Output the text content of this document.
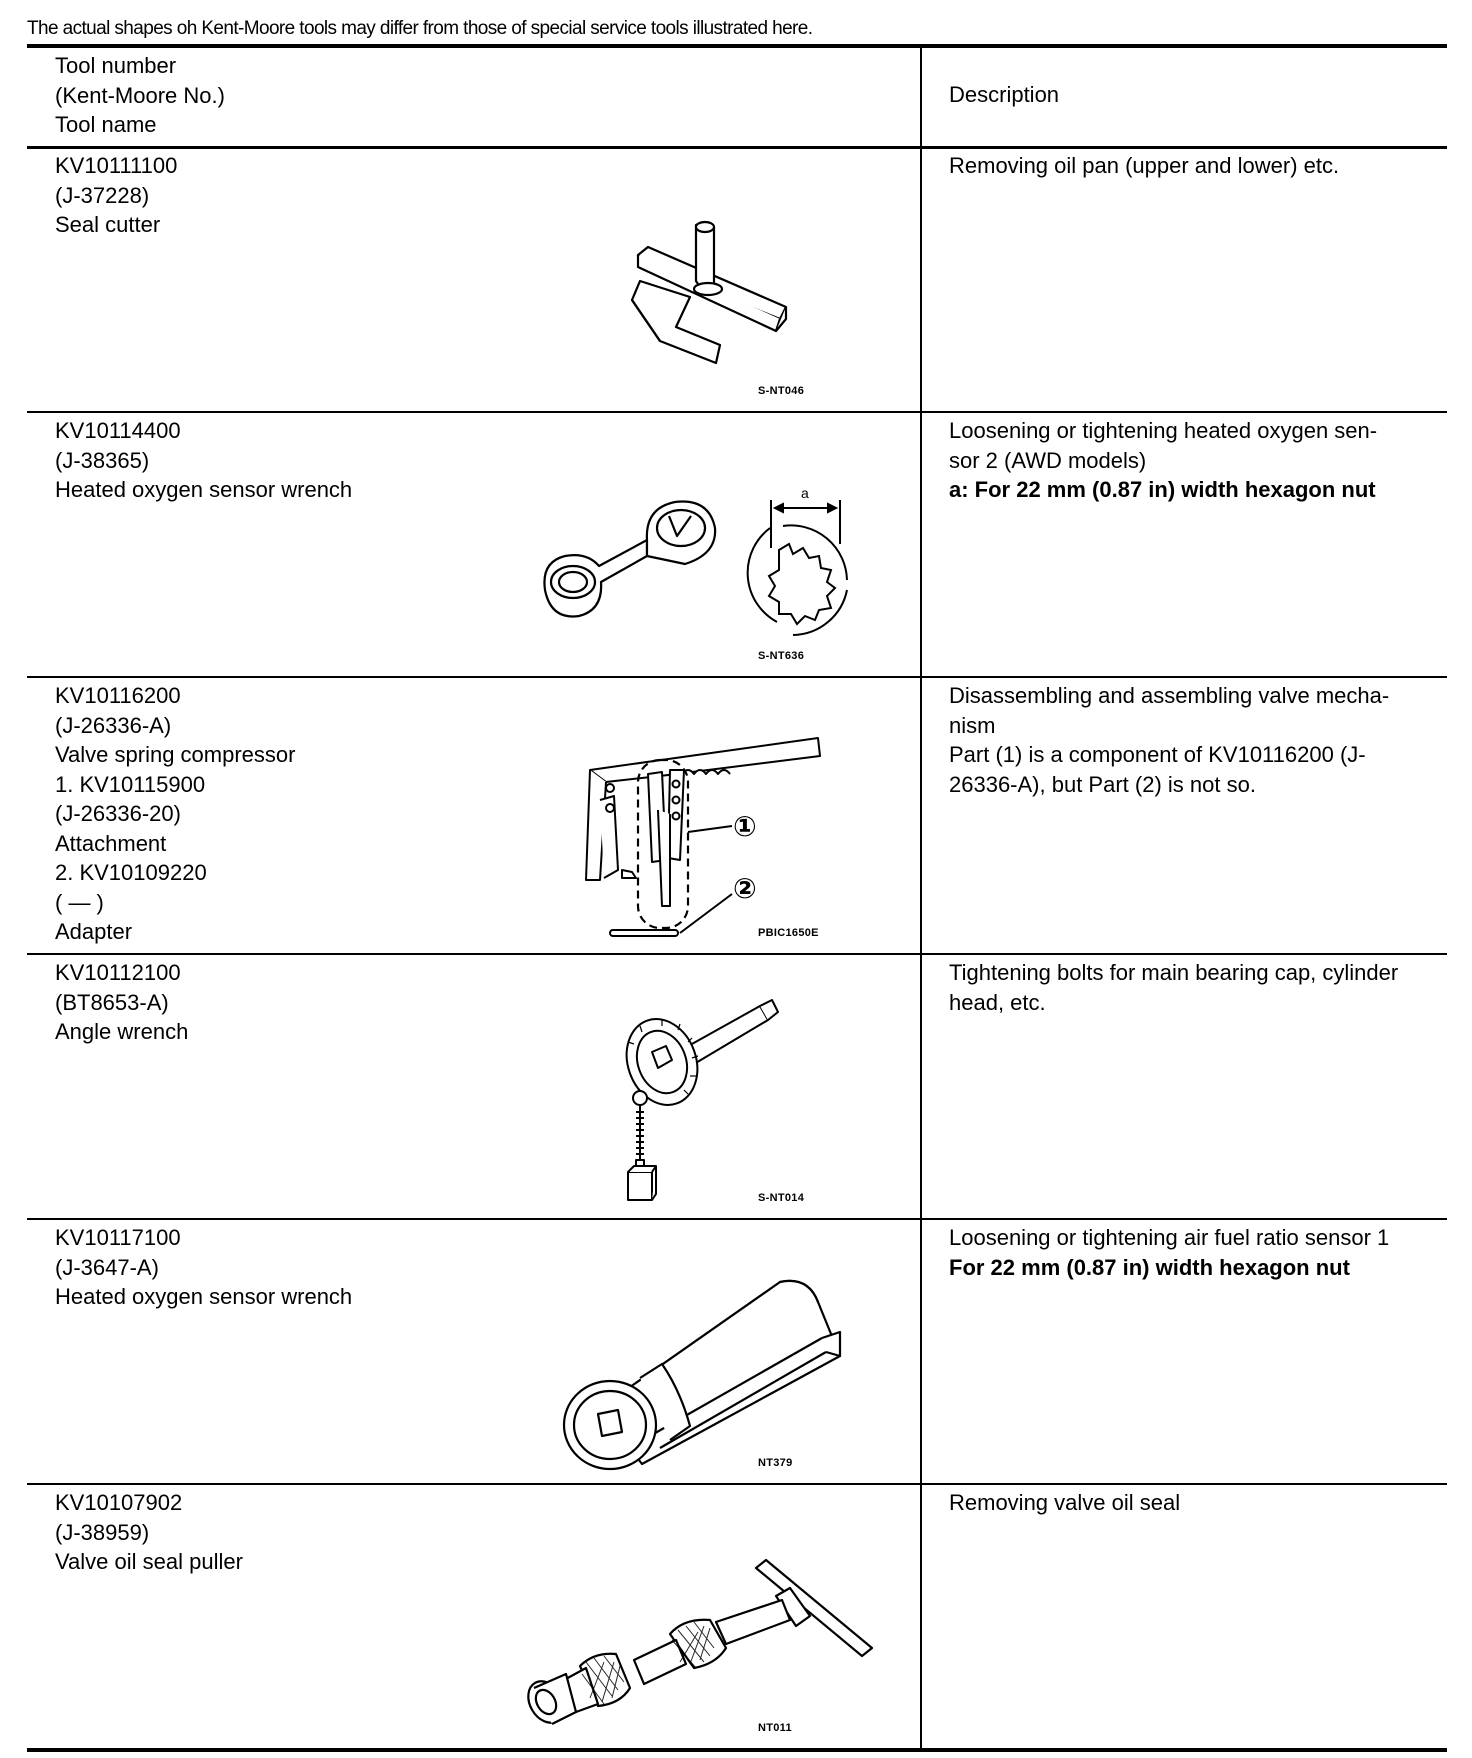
The actual shapes oh Kent-Moore tools may differ from those of special service tools illustrated here.
Tool number
(Kent-Moore No.)
Tool name
Description
KV10111100
(J-37228)
Seal cutter
Removing oil pan (upper and lower) etc.
S-NT046
KV10114400
(J-38365)
Heated oxygen sensor wrench
Loosening or tightening heated oxygen sen-
sor 2 (AWD models)
a: For 22 mm (0.87 in) width hexagon nut
a
S-NT636
KV10116200
(J-26336-A)
Valve spring compressor
1. KV10115900
(J-26336-20)
Attachment
2. KV10109220
( — )
Adapter
Disassembling and assembling valve mecha-
nism
Part (1) is a component of KV10116200 (J-
26336-A), but Part (2) is not so.
①
②
PBIC1650E
KV10112100
(BT8653-A)
Angle wrench
Tightening bolts for main bearing cap, cylinder
head, etc.
S-NT014
KV10117100
(J-3647-A)
Heated oxygen sensor wrench
Loosening or tightening air fuel ratio sensor 1
For 22 mm (0.87 in) width hexagon nut
NT379
KV10107902
(J-38959)
Valve oil seal puller
Removing valve oil seal
NT011
